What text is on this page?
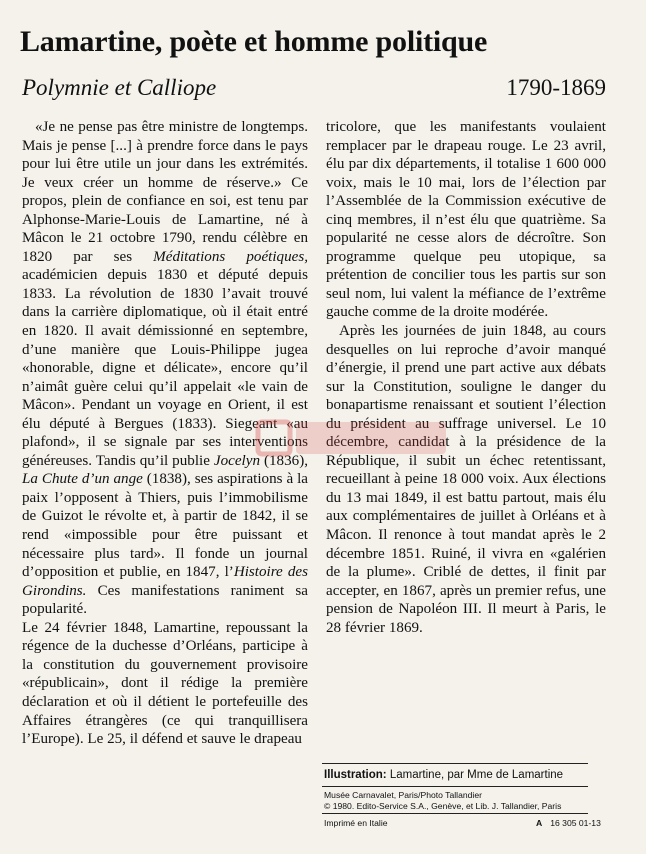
Lamartine, poète et homme politique
Polymnie et Calliope	1790-1869

«Je ne pense pas être ministre de longtemps. Mais je pense [...] à prendre force dans le pays pour lui être utile un jour dans les extrémités. Je veux créer un homme de réserve.» Ce propos, plein de confiance en soi, est tenu par Alphonse-Marie-Louis de Lamartine, né à Mâcon le 21 octobre 1790, rendu célèbre en 1820 par ses Méditations poétiques, académicien depuis 1830 et député depuis 1833. La révolution de 1830 l’avait trouvé dans la carrière diplomatique, où il était entré en 1820. Il avait démissionné en septembre, d’une manière que Louis-Philippe jugea «honorable, digne et délicate», encore qu’il n’aimât guère celui qu’il appelait «le vain de Mâcon». Pendant un voyage en Orient, il est élu député à Bergues (1833). Siegeant «au plafond», il se signale par ses interventions généreuses. Tandis qu’il publie Jocelyn (1836), La Chute d’un ange (1838), ses aspirations à la paix l’opposent à Thiers, puis l’immobilisme de Guizot le révolte et, à partir de 1842, il se rend «impossible pour être puissant et nécessaire plus tard». Il fonde un journal d’opposition et publie, en 1847, l’Histoire des Girondins. Ces manifestations raniment sa popularité.

Le 24 février 1848, Lamartine, repoussant la régence de la duchesse d’Orléans, participe à la constitution du gouvernement provisoire «républicain», dont il rédige la première déclaration et où il détient le portefeuille des Affaires étrangères (ce qui tranquillisera l’Europe). Le 25, il défend et sauve le drapeau

tricolore, que les manifestants voulaient remplacer par le drapeau rouge. Le 23 avril, élu par dix départements, il totalise 1 600 000 voix, mais le 10 mai, lors de l’élection par l’Assemblée de la Commission exécutive de cinq membres, il n’est élu que quatrième. Sa popularité ne cesse alors de décroître. Son programme quelque peu utopique, sa prétention de concilier tous les partis sur son seul nom, lui valent la méfiance de l’extrême gauche comme de la droite modérée.

Après les journées de juin 1848, au cours desquelles on lui reproche d’avoir manqué d’énergie, il prend une part active aux débats sur la Constitution, souligne le danger du bonapartisme renaissant et soutient l’élection du président au suffrage universel. Le 10 décembre, candidat à la présidence de la République, il subit un échec retentissant, recueillant à peine 18 000 voix. Aux élections du 13 mai 1849, il est battu partout, mais élu aux complémentaires de juillet à Orléans et à Mâcon. Il renonce à tout mandat après le 2 décembre 1851. Ruiné, il vivra en «galérien de la plume». Criblé de dettes, il finit par accepter, en 1867, après un premier refus, une pension de Napoléon III. Il meurt à Paris, le 28 février 1869.

Illustration: Lamartine, par Mme de Lamartine
Musée Carnavalet, Paris/Photo Tallandier
© 1980. Edito-Service S.A., Genève, et Lib. J. Tallandier, Paris
Imprimé en Italie	A 16 305 01-13
